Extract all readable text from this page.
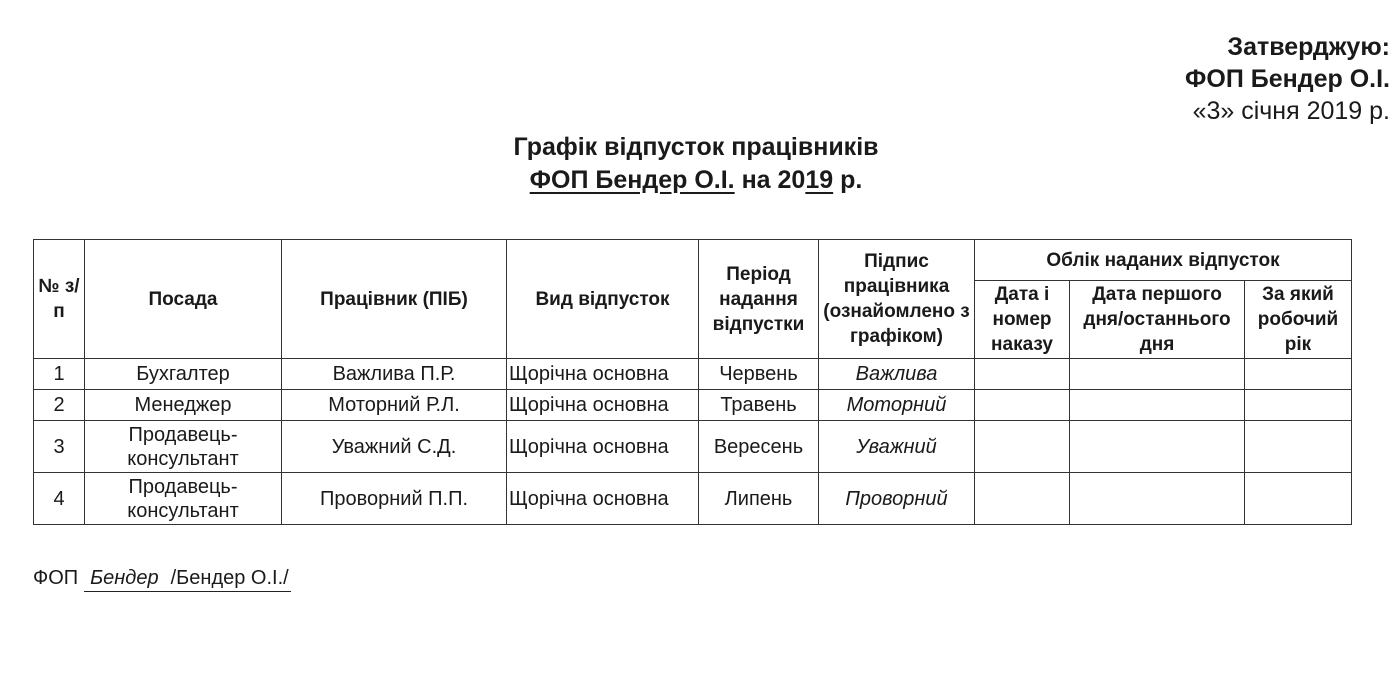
Затверджую:
ФОП Бендер О.І.
«3» січня 2019 р.
Графік відпусток працівників
ФОП Бендер О.І. на 2019 р.
№ з/п	Посада	Працівник (ПІБ)	Вид відпусток	Період надання відпустки	Підпис працівника (ознайомлено з графіком)	Облік наданих відпусток		
						Дата і номер наказу	Дата першого дня/останнього дня	За який робочий рік
1	Бухгалтер	Важлива П.Р.	Щорічна основна	Червень	Важлива			
2	Менеджер	Моторний Р.Л.	Щорічна основна	Травень	Моторний			
3	Продавець-консультант	Уважний С.Д.	Щорічна основна	Вересень	Уважний			
4	Продавець-консультант	Проворний П.П.	Щорічна основна	Липень	Проворний			
ФОП Бендер /Бендер О.І./
